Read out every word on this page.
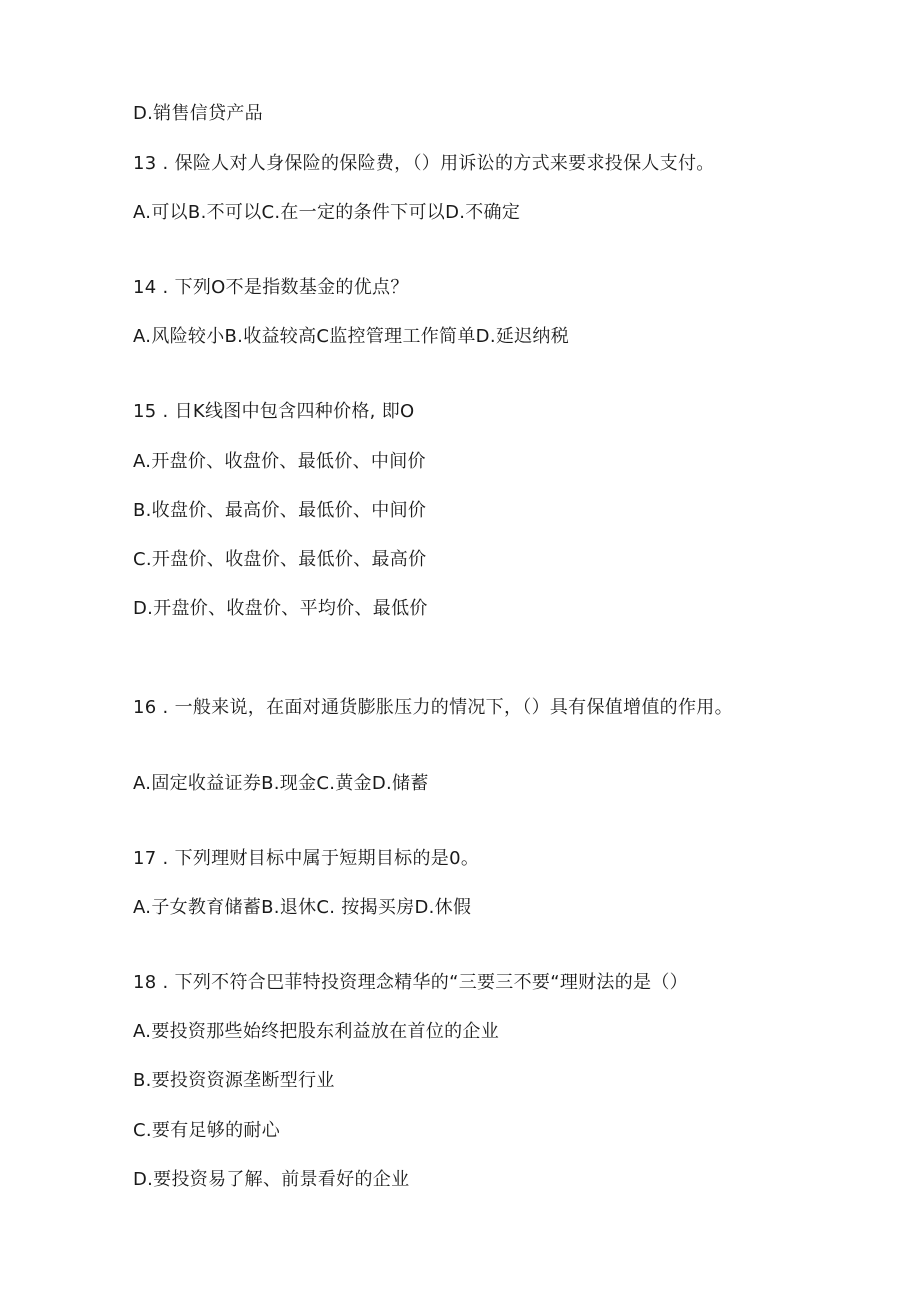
D.销售信贷产品
13 . 保险人对人身保险的保险费，（）用诉讼的方式来要求投保人支付。
A.可以B.不可以C.在一定的条件下可以D.不确定
14 . 下列O不是指数基金的优点？
A.风险较小B.收益较高C监控管理工作简单D.延迟纳税
15 . 日K线图中包含四种价格, 即O
A.开盘价、收盘价、最低价、中间价
B.收盘价、最高价、最低价、中间价
C.开盘价、收盘价、最低价、最高价
D.开盘价、收盘价、平均价、最低价
16 . 一般来说，在面对通货膨胀压力的情况下，（）具有保值增值的作用。
A.固定收益证券B.现金C.黄金D.储蓄
17 . 下列理财目标中属于短期目标的是0。
A.子女教育储蓄B.退休C. 按揭买房D.休假
18 . 下列不符合巴菲特投资理念精华的“三要三不要“理财法的是（）
A.要投资那些始终把股东利益放在首位的企业
B.要投资资源垄断型行业
C.要有足够的耐心
D.要投资易了解、前景看好的企业
